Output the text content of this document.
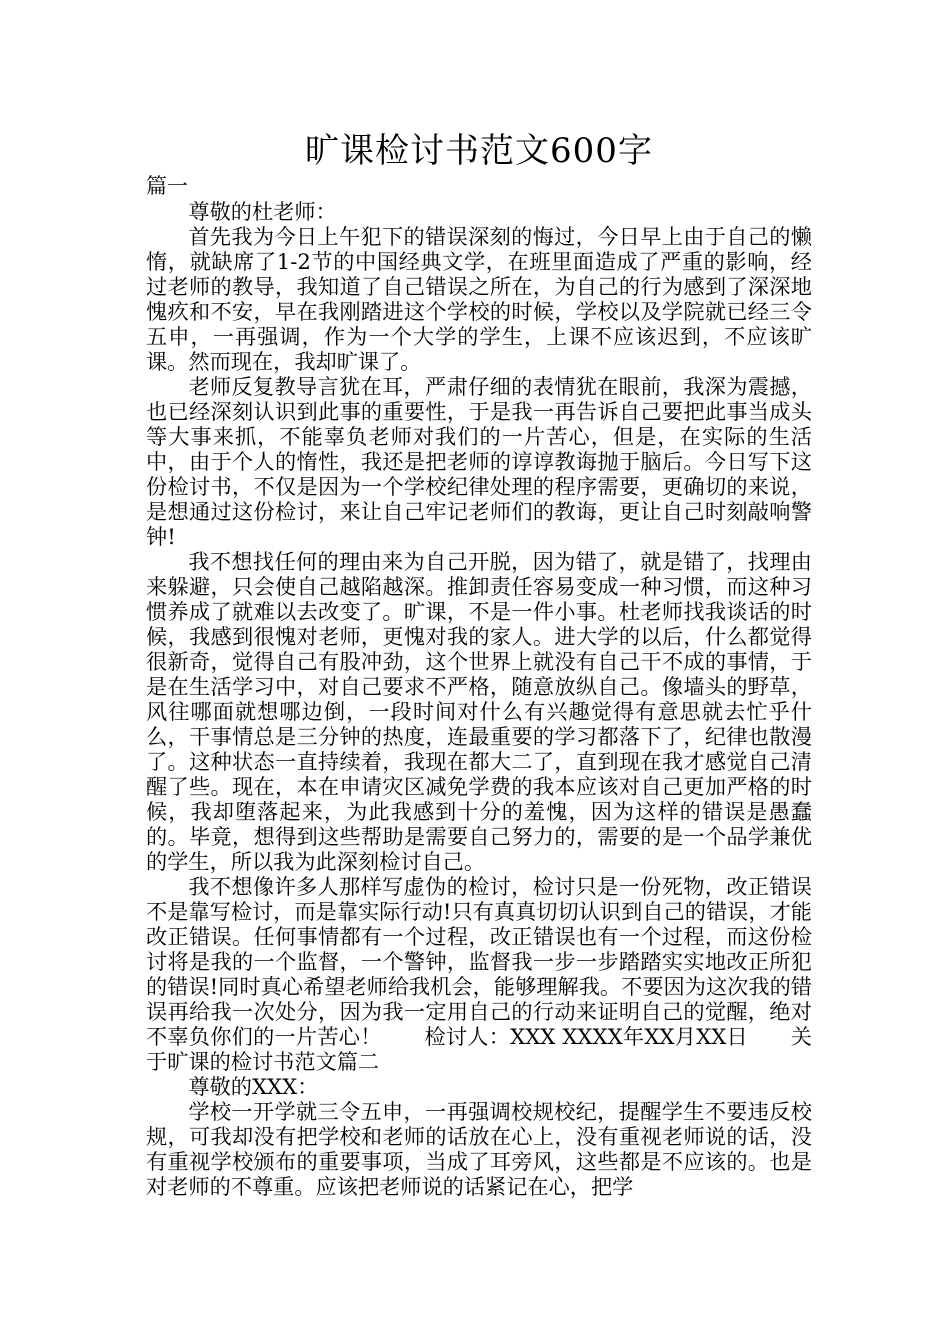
旷课检讨书范文600字

篇一

尊敬的杜老师：

首先我为今日上午犯下的错误深刻的悔过，今日早上由于自己的懒惰，就缺席了1-2节的中国经典文学，在班里面造成了严重的影响，经过老师的教导，我知道了自己错误之所在，为自己的行为感到了深深地愧疚和不安，早在我刚踏进这个学校的时候，学校以及学院就已经三令五申，一再强调，作为一个大学的学生，上课不应该迟到，不应该旷课。然而现在，我却旷课了。

老师反复教导言犹在耳，严肃仔细的表情犹在眼前，我深为震撼，也已经深刻认识到此事的重要性，于是我一再告诉自己要把此事当成头等大事来抓，不能辜负老师对我们的一片苦心，但是，在实际的生活中，由于个人的惰性，我还是把老师的谆谆教诲抛于脑后。今日写下这份检讨书，不仅是因为一个学校纪律处理的程序需要，更确切的来说，是想通过这份检讨，来让自己牢记老师们的教诲，更让自己时刻敲响警钟!

我不想找任何的理由来为自己开脱，因为错了，就是错了，找理由来躲避，只会使自己越陷越深。推卸责任容易变成一种习惯，而这种习惯养成了就难以去改变了。旷课，不是一件小事。杜老师找我谈话的时候，我感到很愧对老师，更愧对我的家人。进大学的以后，什么都觉得很新奇，觉得自己有股冲劲，这个世界上就没有自己干不成的事情，于是在生活学习中，对自己要求不严格，随意放纵自己。像墙头的野草，风往哪面就想哪边倒，一段时间对什么有兴趣觉得有意思就去忙乎什么，干事情总是三分钟的热度，连最重要的学习都落下了，纪律也散漫了。这种状态一直持续着，我现在都大二了，直到现在我才感觉自己清醒了些。现在，本在申请灾区减免学费的我本应该对自己更加严格的时候，我却堕落起来，为此我感到十分的羞愧，因为这样的错误是愚蠢的。毕竟，想得到这些帮助是需要自己努力的，需要的是一个品学兼优的学生，所以我为此深刻检讨自己。

我不想像许多人那样写虚伪的检讨，检讨只是一份死物，改正错误不是靠写检讨，而是靠实际行动!只有真真切切认识到自己的错误，才能改正错误。任何事情都有一个过程，改正错误也有一个过程，而这份检讨将是我的一个监督，一个警钟，监督我一步一步踏踏实实地改正所犯的错误!同时真心希望老师给我机会，能够理解我。不要因为这次我的错误再给我一次处分，因为我一定用自己的行动来证明自己的觉醒，绝对不辜负你们的一片苦心！　　检讨人：XXX XXXX年XX月XX日　　关于旷课的检讨书范文篇二

尊敬的XXX：

学校一开学就三令五申，一再强调校规校纪，提醒学生不要违反校规，可我却没有把学校和老师的话放在心上，没有重视老师说的话，没有重视学校颁布的重要事项，当成了耳旁风，这些都是不应该的。也是对老师的不尊重。应该把老师说的话紧记在心，把学
